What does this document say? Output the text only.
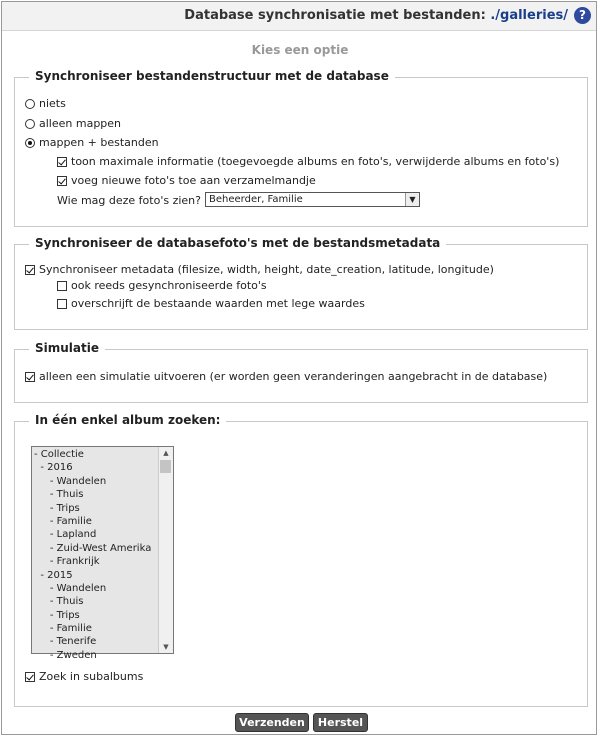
Database synchronisatie met bestanden: ./galleries/ ?
Kies een optie
Synchroniseer bestandenstructuur met de database
niets
alleen mappen
mappen + bestanden
toon maximale informatie (toegevoegde albums en foto's, verwijderde albums en foto's)
voeg nieuwe foto's toe aan verzamelmandje
Wie mag deze foto's zien? Beheerder, Familie	▼
Synchroniseer de databasefoto's met de bestandsmetadata
Synchroniseer metadata (filesize, width, height, date_creation, latitude, longitude)
ook reeds gesynchroniseerde foto's
overschrijft de bestaande waarden met lege waardes
Simulatie
alleen een simulatie uitvoeren (er worden geen veranderingen aangebracht in de database)
In één enkel album zoeken:
- Collectie
- 2016
- Wandelen
- Thuis
- Trips
- Familie
- Lapland
- Zuid-West Amerika
- Frankrijk
- 2015
- Wandelen
- Thuis
- Trips
- Familie
- Tenerife
- Zweden
▲
▼
Zoek in subalbums
Verzenden	Herstel
